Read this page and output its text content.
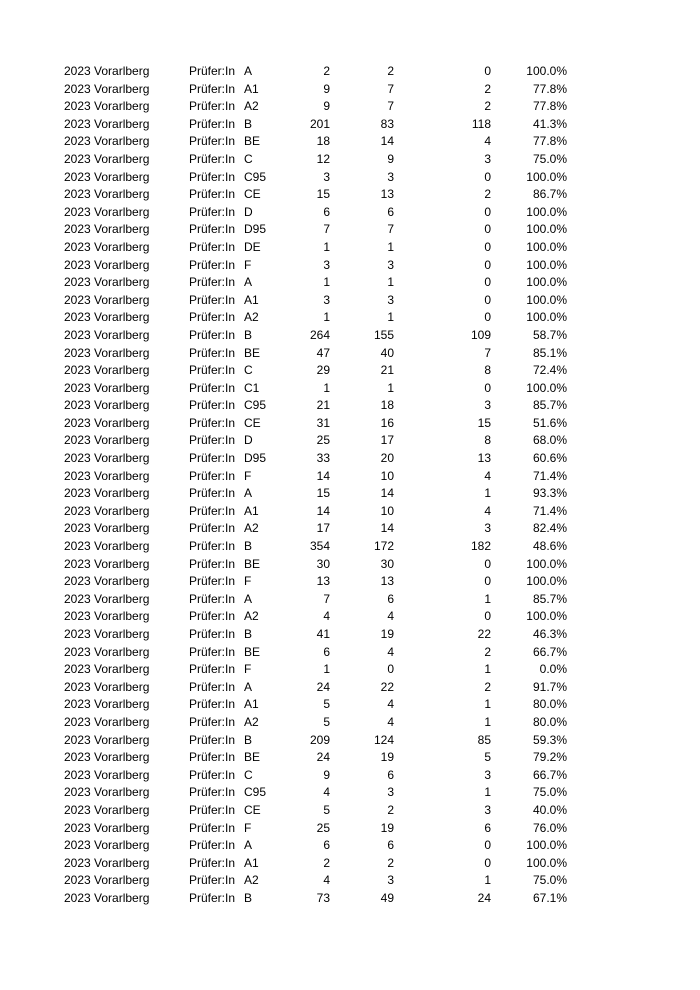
2023 Vorarlberg	Prüfer:In A	2	2	0	100.0%
2023 Vorarlberg	Prüfer:In A1	9	7	2	77.8%
2023 Vorarlberg	Prüfer:In A2	9	7	2	77.8%
2023 Vorarlberg	Prüfer:In B	201	83	118	41.3%
2023 Vorarlberg	Prüfer:In BE	18	14	4	77.8%
2023 Vorarlberg	Prüfer:In C	12	9	3	75.0%
2023 Vorarlberg	Prüfer:In C95	3	3	0	100.0%
2023 Vorarlberg	Prüfer:In CE	15	13	2	86.7%
2023 Vorarlberg	Prüfer:In D	6	6	0	100.0%
2023 Vorarlberg	Prüfer:In D95	7	7	0	100.0%
2023 Vorarlberg	Prüfer:In DE	1	1	0	100.0%
2023 Vorarlberg	Prüfer:In F	3	3	0	100.0%
2023 Vorarlberg	Prüfer:In A	1	1	0	100.0%
2023 Vorarlberg	Prüfer:In A1	3	3	0	100.0%
2023 Vorarlberg	Prüfer:In A2	1	1	0	100.0%
2023 Vorarlberg	Prüfer:In B	264	155	109	58.7%
2023 Vorarlberg	Prüfer:In BE	47	40	7	85.1%
2023 Vorarlberg	Prüfer:In C	29	21	8	72.4%
2023 Vorarlberg	Prüfer:In C1	1	1	0	100.0%
2023 Vorarlberg	Prüfer:In C95	21	18	3	85.7%
2023 Vorarlberg	Prüfer:In CE	31	16	15	51.6%
2023 Vorarlberg	Prüfer:In D	25	17	8	68.0%
2023 Vorarlberg	Prüfer:In D95	33	20	13	60.6%
2023 Vorarlberg	Prüfer:In F	14	10	4	71.4%
2023 Vorarlberg	Prüfer:In A	15	14	1	93.3%
2023 Vorarlberg	Prüfer:In A1	14	10	4	71.4%
2023 Vorarlberg	Prüfer:In A2	17	14	3	82.4%
2023 Vorarlberg	Prüfer:In B	354	172	182	48.6%
2023 Vorarlberg	Prüfer:In BE	30	30	0	100.0%
2023 Vorarlberg	Prüfer:In F	13	13	0	100.0%
2023 Vorarlberg	Prüfer:In A	7	6	1	85.7%
2023 Vorarlberg	Prüfer:In A2	4	4	0	100.0%
2023 Vorarlberg	Prüfer:In B	41	19	22	46.3%
2023 Vorarlberg	Prüfer:In BE	6	4	2	66.7%
2023 Vorarlberg	Prüfer:In F	1	0	1	0.0%
2023 Vorarlberg	Prüfer:In A	24	22	2	91.7%
2023 Vorarlberg	Prüfer:In A1	5	4	1	80.0%
2023 Vorarlberg	Prüfer:In A2	5	4	1	80.0%
2023 Vorarlberg	Prüfer:In B	209	124	85	59.3%
2023 Vorarlberg	Prüfer:In BE	24	19	5	79.2%
2023 Vorarlberg	Prüfer:In C	9	6	3	66.7%
2023 Vorarlberg	Prüfer:In C95	4	3	1	75.0%
2023 Vorarlberg	Prüfer:In CE	5	2	3	40.0%
2023 Vorarlberg	Prüfer:In F	25	19	6	76.0%
2023 Vorarlberg	Prüfer:In A	6	6	0	100.0%
2023 Vorarlberg	Prüfer:In A1	2	2	0	100.0%
2023 Vorarlberg	Prüfer:In A2	4	3	1	75.0%
2023 Vorarlberg	Prüfer:In B	73	49	24	67.1%
